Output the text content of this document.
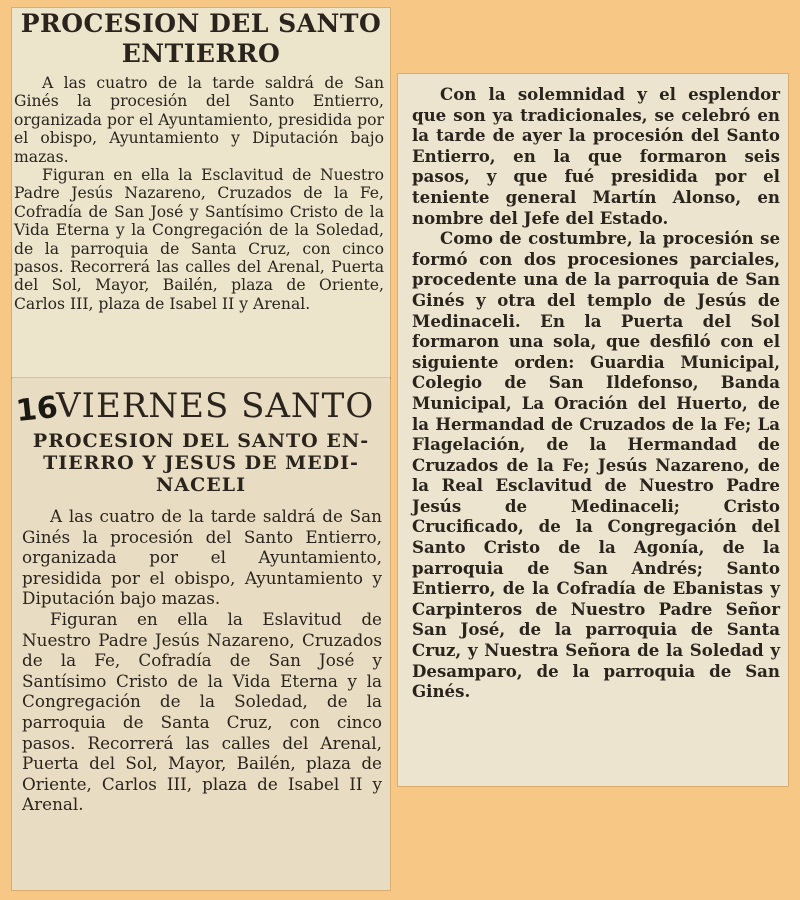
PROCESION DEL SANTO
ENTIERRO

A las cuatro de la tarde saldrá de San Ginés la procesión del Santo Entierro, organizada por el Ayuntamiento, presidida por el obispo, Ayuntamiento y Diputación bajo mazas.

Figuran en ella la Esclavitud de Nuestro Padre Jesús Nazareno, Cruzados de la Fe, Cofradía de San José y Santísimo Cristo de la Vida Eterna y la Congregación de la Soledad, de la parroquia de Santa Cruz, con cinco pasos. Recorrerá las calles del Arenal, Puerta del Sol, Mayor, Bailén, plaza de Oriente, Carlos III, plaza de Isabel II y Arenal.

16
VIERNES SANTO
PROCESION DEL SANTO EN-
TIERRO Y JESUS DE MEDI-
NACELI

A las cuatro de la tarde saldrá de San Ginés la procesión del Santo Entierro, organizada por el Ayuntamiento, presidida por el obispo, Ayuntamiento y Diputación bajo mazas.

Figuran en ella la Eslavitud de Nuestro Padre Jesús Nazareno, Cruzados de la Fe, Cofradía de San José y Santísimo Cristo de la Vida Eterna y la Congregación de la Soledad, de la parroquia de Santa Cruz, con cinco pasos. Recorrerá las calles del Arenal, Puerta del Sol, Mayor, Bailén, plaza de Oriente, Carlos III, plaza de Isabel II y Arenal.

Con la solemnidad y el esplendor que son ya tradicionales, se celebró en la tarde de ayer la procesión del Santo Entierro, en la que formaron seis pasos, y que fué presidida por el teniente general Martín Alonso, en nombre del Jefe del Estado.

Como de costumbre, la procesión se formó con dos procesiones parciales, procedente una de la parroquia de San Ginés y otra del templo de Jesús de Medinaceli. En la Puerta del Sol formaron una sola, que desfiló con el siguiente orden: Guardia Municipal, Colegio de San Ildefonso, Banda Municipal, La Oración del Huerto, de la Hermandad de Cruzados de la Fe; La Flagelación, de la Hermandad de Cruzados de la Fe; Jesús Nazareno, de la Real Esclavitud de Nuestro Padre Jesús de Medinaceli; Cristo Crucificado, de la Congregación del Santo Cristo de la Agonía, de la parroquia de San Andrés; Santo Entierro, de la Cofradía de Ebanistas y Carpinteros de Nuestro Padre Señor San José, de la parroquia de Santa Cruz, y Nuestra Señora de la Soledad y Desamparo, de la parroquia de San Ginés.
